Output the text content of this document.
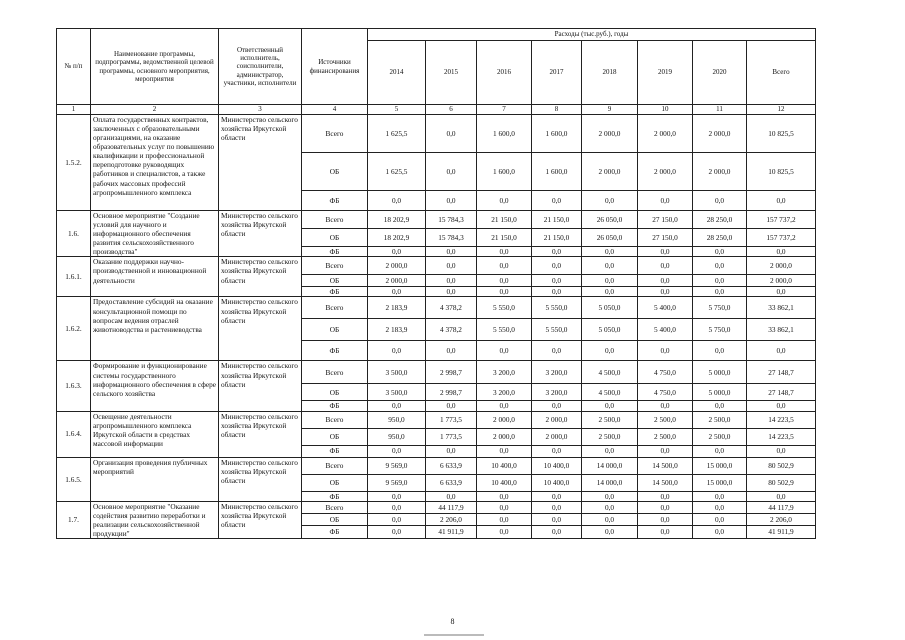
№ п/п	Наименование программы, подпрограммы, ведомственной целевой программы, основного мероприятия, мероприятия	Ответственный исполнитель, соисполнители, администратор, участники, исполнители	Источники финансирования	Расходы (тыс.руб.), годы							
				2014	2015	2016	2017	2018	2019	2020	Всего
1	2	3	4	5	6	7	8	9	10	11	12
1.5.2.	Оплата государственных контрактов, заключенных с образовательными организациями, на оказание образовательных услуг по повышению квалификации и профессиональной переподготовке руководящих работников и специалистов, а также рабочих массовых профессий агропромышленного комплекса	Министерство сельского хозяйства Иркутской области	Всего	1 625,5	0,0	1 600,0	1 600,0	2 000,0	2 000,0	2 000,0	10 825,5
			ОБ	1 625,5	0,0	1 600,0	1 600,0	2 000,0	2 000,0	2 000,0	10 825,5
			ФБ	0,0	0,0	0,0	0,0	0,0	0,0	0,0	0,0
1.6.	Основное мероприятие "Создание условий для научного и информационного обеспечения развития сельскохозяйственного производства"	Министерство сельского хозяйства Иркутской области	Всего	18 202,9	15 784,3	21 150,0	21 150,0	26 050,0	27 150,0	28 250,0	157 737,2
			ОБ	18 202,9	15 784,3	21 150,0	21 150,0	26 050,0	27 150,0	28 250,0	157 737,2
			ФБ	0,0	0,0	0,0	0,0	0,0	0,0	0,0	0,0
1.6.1.	Оказание поддержки научно-производственной и инновационной деятельности	Министерство сельского хозяйства Иркутской области	Всего	2 000,0	0,0	0,0	0,0	0,0	0,0	0,0	2 000,0
			ОБ	2 000,0	0,0	0,0	0,0	0,0	0,0	0,0	2 000,0
			ФБ	0,0	0,0	0,0	0,0	0,0	0,0	0,0	0,0
1.6.2.	Предоставление субсидий на оказание консультационной помощи по вопросам ведения отраслей животноводства и растениеводства	Министерство сельского хозяйства Иркутской области	Всего	2 183,9	4 378,2	5 550,0	5 550,0	5 050,0	5 400,0	5 750,0	33 862,1
			ОБ	2 183,9	4 378,2	5 550,0	5 550,0	5 050,0	5 400,0	5 750,0	33 862,1
			ФБ	0,0	0,0	0,0	0,0	0,0	0,0	0,0	0,0
1.6.3.	Формирование и функционирование системы государственного информационного обеспечения в сфере сельского хозяйства	Министерство сельского хозяйства Иркутской области	Всего	3 500,0	2 998,7	3 200,0	3 200,0	4 500,0	4 750,0	5 000,0	27 148,7
			ОБ	3 500,0	2 998,7	3 200,0	3 200,0	4 500,0	4 750,0	5 000,0	27 148,7
			ФБ	0,0	0,0	0,0	0,0	0,0	0,0	0,0	0,0
1.6.4.	Освещение деятельности агропромышленного комплекса Иркутской области в средствах массовой информации	Министерство сельского хозяйства Иркутской области	Всего	950,0	1 773,5	2 000,0	2 000,0	2 500,0	2 500,0	2 500,0	14 223,5
			ОБ	950,0	1 773,5	2 000,0	2 000,0	2 500,0	2 500,0	2 500,0	14 223,5
			ФБ	0,0	0,0	0,0	0,0	0,0	0,0	0,0	0,0
1.6.5.	Организация проведения публичных мероприятий	Министерство сельского хозяйства Иркутской области	Всего	9 569,0	6 633,9	10 400,0	10 400,0	14 000,0	14 500,0	15 000,0	80 502,9
			ОБ	9 569,0	6 633,9	10 400,0	10 400,0	14 000,0	14 500,0	15 000,0	80 502,9
			ФБ	0,0	0,0	0,0	0,0	0,0	0,0	0,0	0,0
1.7.	Основное мероприятие "Оказание содействия развитию переработки и реализации сельскохозяйственной продукции"	Министерство сельского хозяйства Иркутской области	Всего	0,0	44 117,9	0,0	0,0	0,0	0,0	0,0	44 117,9
			ОБ	0,0	2 206,0	0,0	0,0	0,0	0,0	0,0	2 206,0
			ФБ	0,0	41 911,9	0,0	0,0	0,0	0,0	0,0	41 911,9
8
